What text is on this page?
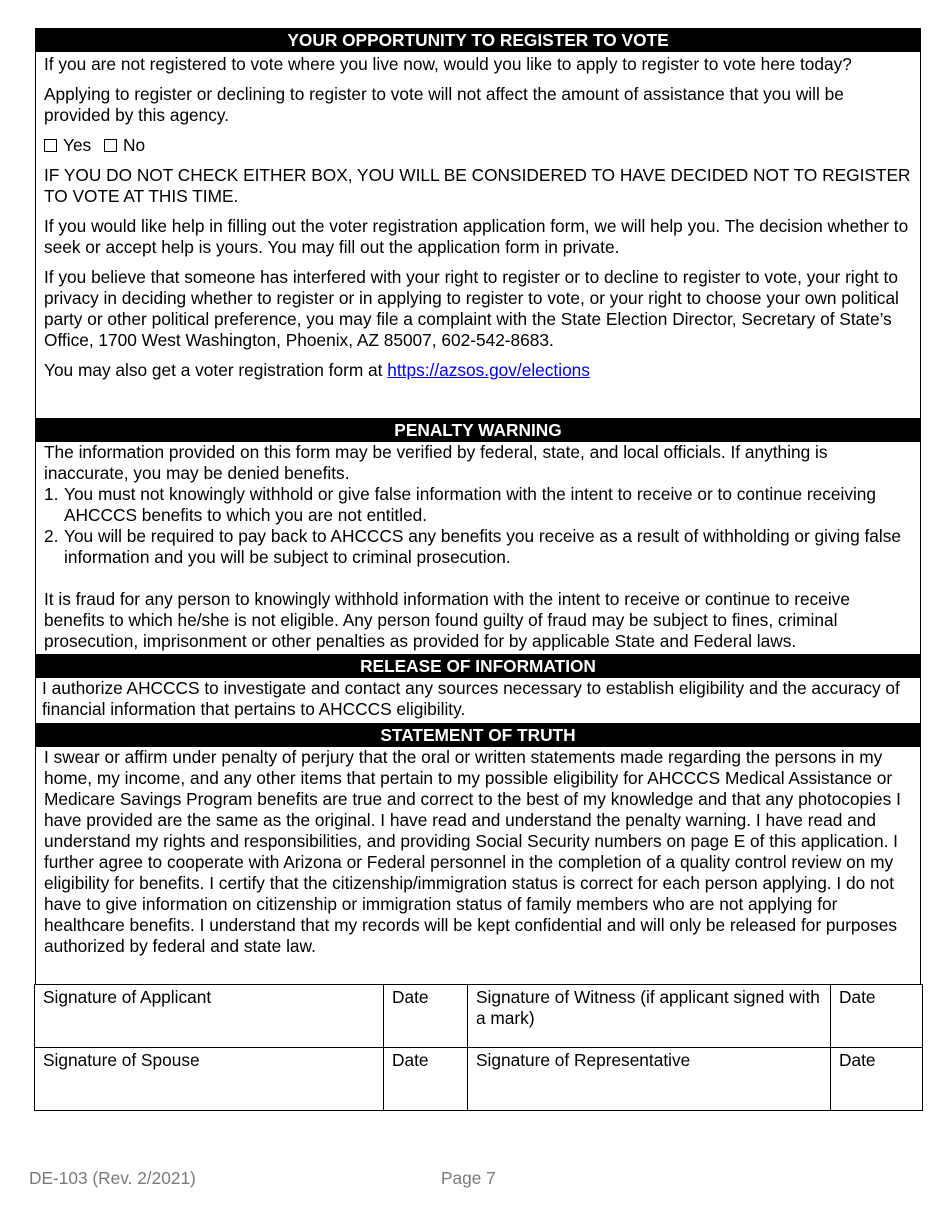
YOUR OPPORTUNITY TO REGISTER TO VOTE

If you are not registered to vote where you live now, would you like to apply to register to vote here today?

Applying to register or declining to register to vote will not affect the amount of assistance that you will be provided by this agency.

Yes No

IF YOU DO NOT CHECK EITHER BOX, YOU WILL BE CONSIDERED TO HAVE DECIDED NOT TO REGISTER TO VOTE AT THIS TIME.

If you would like help in filling out the voter registration application form, we will help you. The decision whether to seek or accept help is yours. You may fill out the application form in private.

If you believe that someone has interfered with your right to register or to decline to register to vote, your right to privacy in deciding whether to register or in applying to register to vote, or your right to choose your own political party or other political preference, you may file a complaint with the State Election Director, Secretary of State’s Office, 1700 West Washington, Phoenix, AZ 85007, 602-542-8683.

You may also get a voter registration form at https://azsos.gov/elections

PENALTY WARNING

The information provided on this form may be verified by federal, state, and local officials. If anything is inaccurate, you may be denied benefits.

1. You must not knowingly withhold or give false information with the intent to receive or to continue receiving AHCCCS benefits to which you are not entitled.
2. You will be required to pay back to AHCCCS any benefits you receive as a result of withholding or giving false information and you will be subject to criminal prosecution.

It is fraud for any person to knowingly withhold information with the intent to receive or continue to receive benefits to which he/she is not eligible. Any person found guilty of fraud may be subject to fines, criminal prosecution, imprisonment or other penalties as provided for by applicable State and Federal laws.

RELEASE OF INFORMATION
I authorize AHCCCS to investigate and contact any sources necessary to establish eligibility and the accuracy of financial information that pertains to AHCCCS eligibility.
STATEMENT OF TRUTH
I swear or affirm under penalty of perjury that the oral or written statements made regarding the persons in my home, my income, and any other items that pertain to my possible eligibility for AHCCCS Medical Assistance or Medicare Savings Program benefits are true and correct to the best of my knowledge and that any photocopies I have provided are the same as the original. I have read and understand the penalty warning. I have read and understand my rights and responsibilities, and providing Social Security numbers on page E of this application. I further agree to cooperate with Arizona or Federal personnel in the completion of a quality control review on my eligibility for benefits. I certify that the citizenship/immigration status is correct for each person applying. I do not have to give information on citizenship or immigration status of family members who are not applying for healthcare benefits. I understand that my records will be kept confidential and will only be released for purposes authorized by federal and state law.
Signature of Applicant	Date	Signature of Witness (if applicant signed with a mark)	Date
Signature of Spouse	Date	Signature of Representative	Date
DE-103 (Rev. 2/2021)	Page 7
